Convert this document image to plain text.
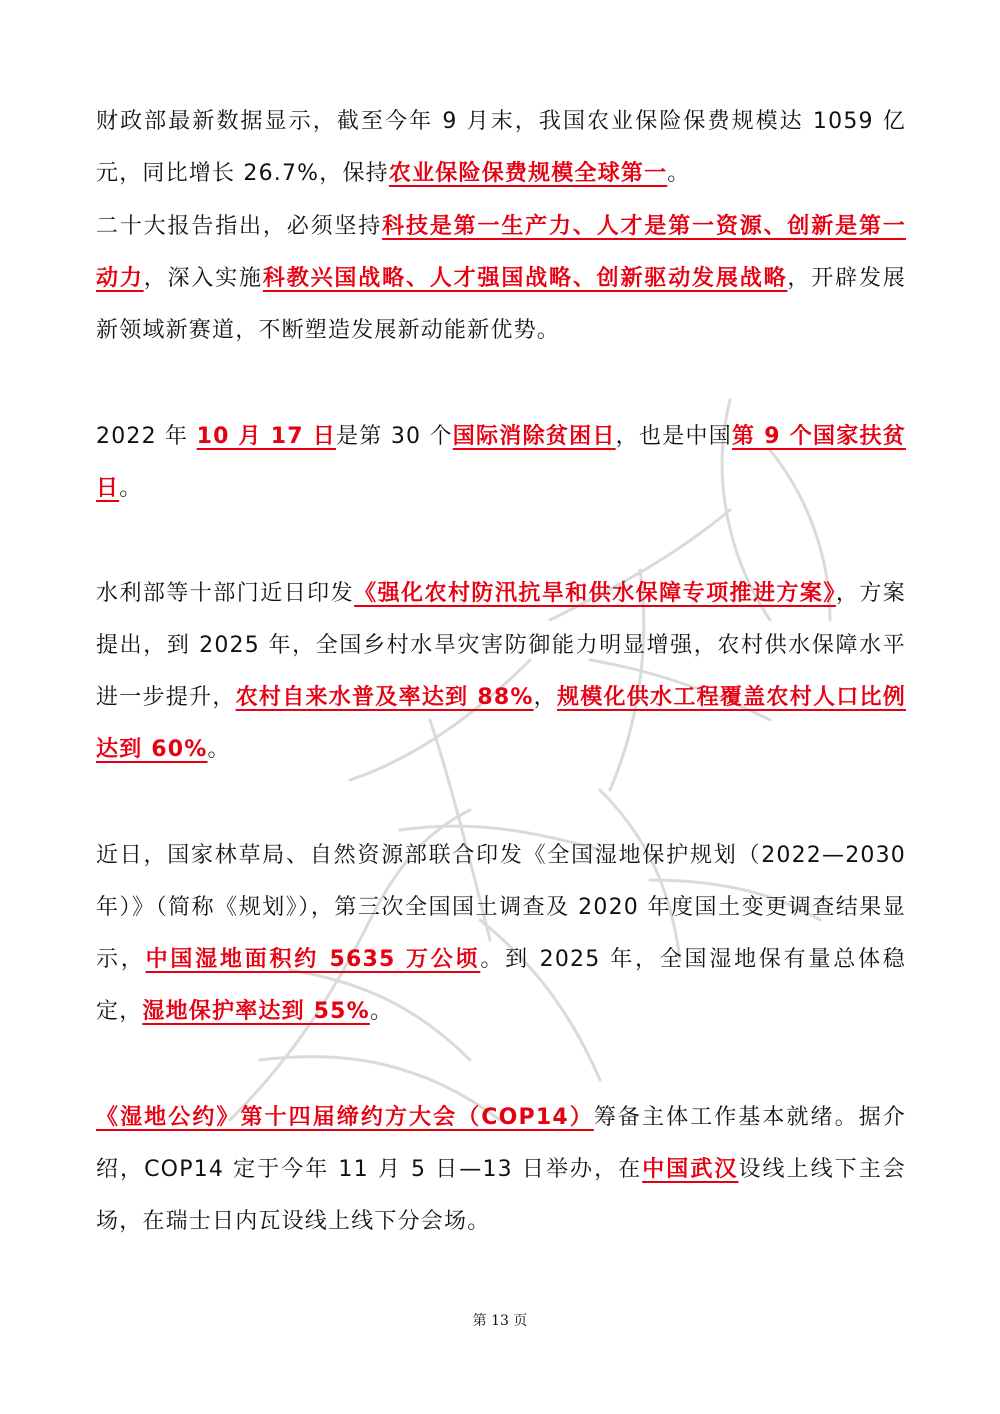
财政部最新数据显示，截至今年 9 月末，我国农业保险保费规模达 1059 亿元，同比增长 26.7%，保持农业保险保费规模全球第一。
二十大报告指出，必须坚持科技是第一生产力、人才是第一资源、创新是第一动力，深入实施科教兴国战略、人才强国战略、创新驱动发展战略，开辟发展新领域新赛道，不断塑造发展新动能新优势。
2022 年 10 月 17 日是第 30 个国际消除贫困日，也是中国第 9 个国家扶贫日。
水利部等十部门近日印发《强化农村防汛抗旱和供水保障专项推进方案》，方案提出，到 2025 年，全国乡村水旱灾害防御能力明显增强，农村供水保障水平进一步提升，农村自来水普及率达到 88%，规模化供水工程覆盖农村人口比例达到 60%。
近日，国家林草局、自然资源部联合印发《全国湿地保护规划（2022—2030 年）》（简称《规划》），第三次全国国土调查及 2020 年度国土变更调查结果显示，中国湿地面积约 5635 万公顷。到 2025 年，全国湿地保有量总体稳定，湿地保护率达到 55%。
《湿地公约》第十四届缔约方大会（COP14）筹备主体工作基本就绪。据介绍，COP14 定于今年 11 月 5 日—13 日举办，在中国武汉设线上线下主会场，在瑞士日内瓦设线上线下分会场。
第 13 页
